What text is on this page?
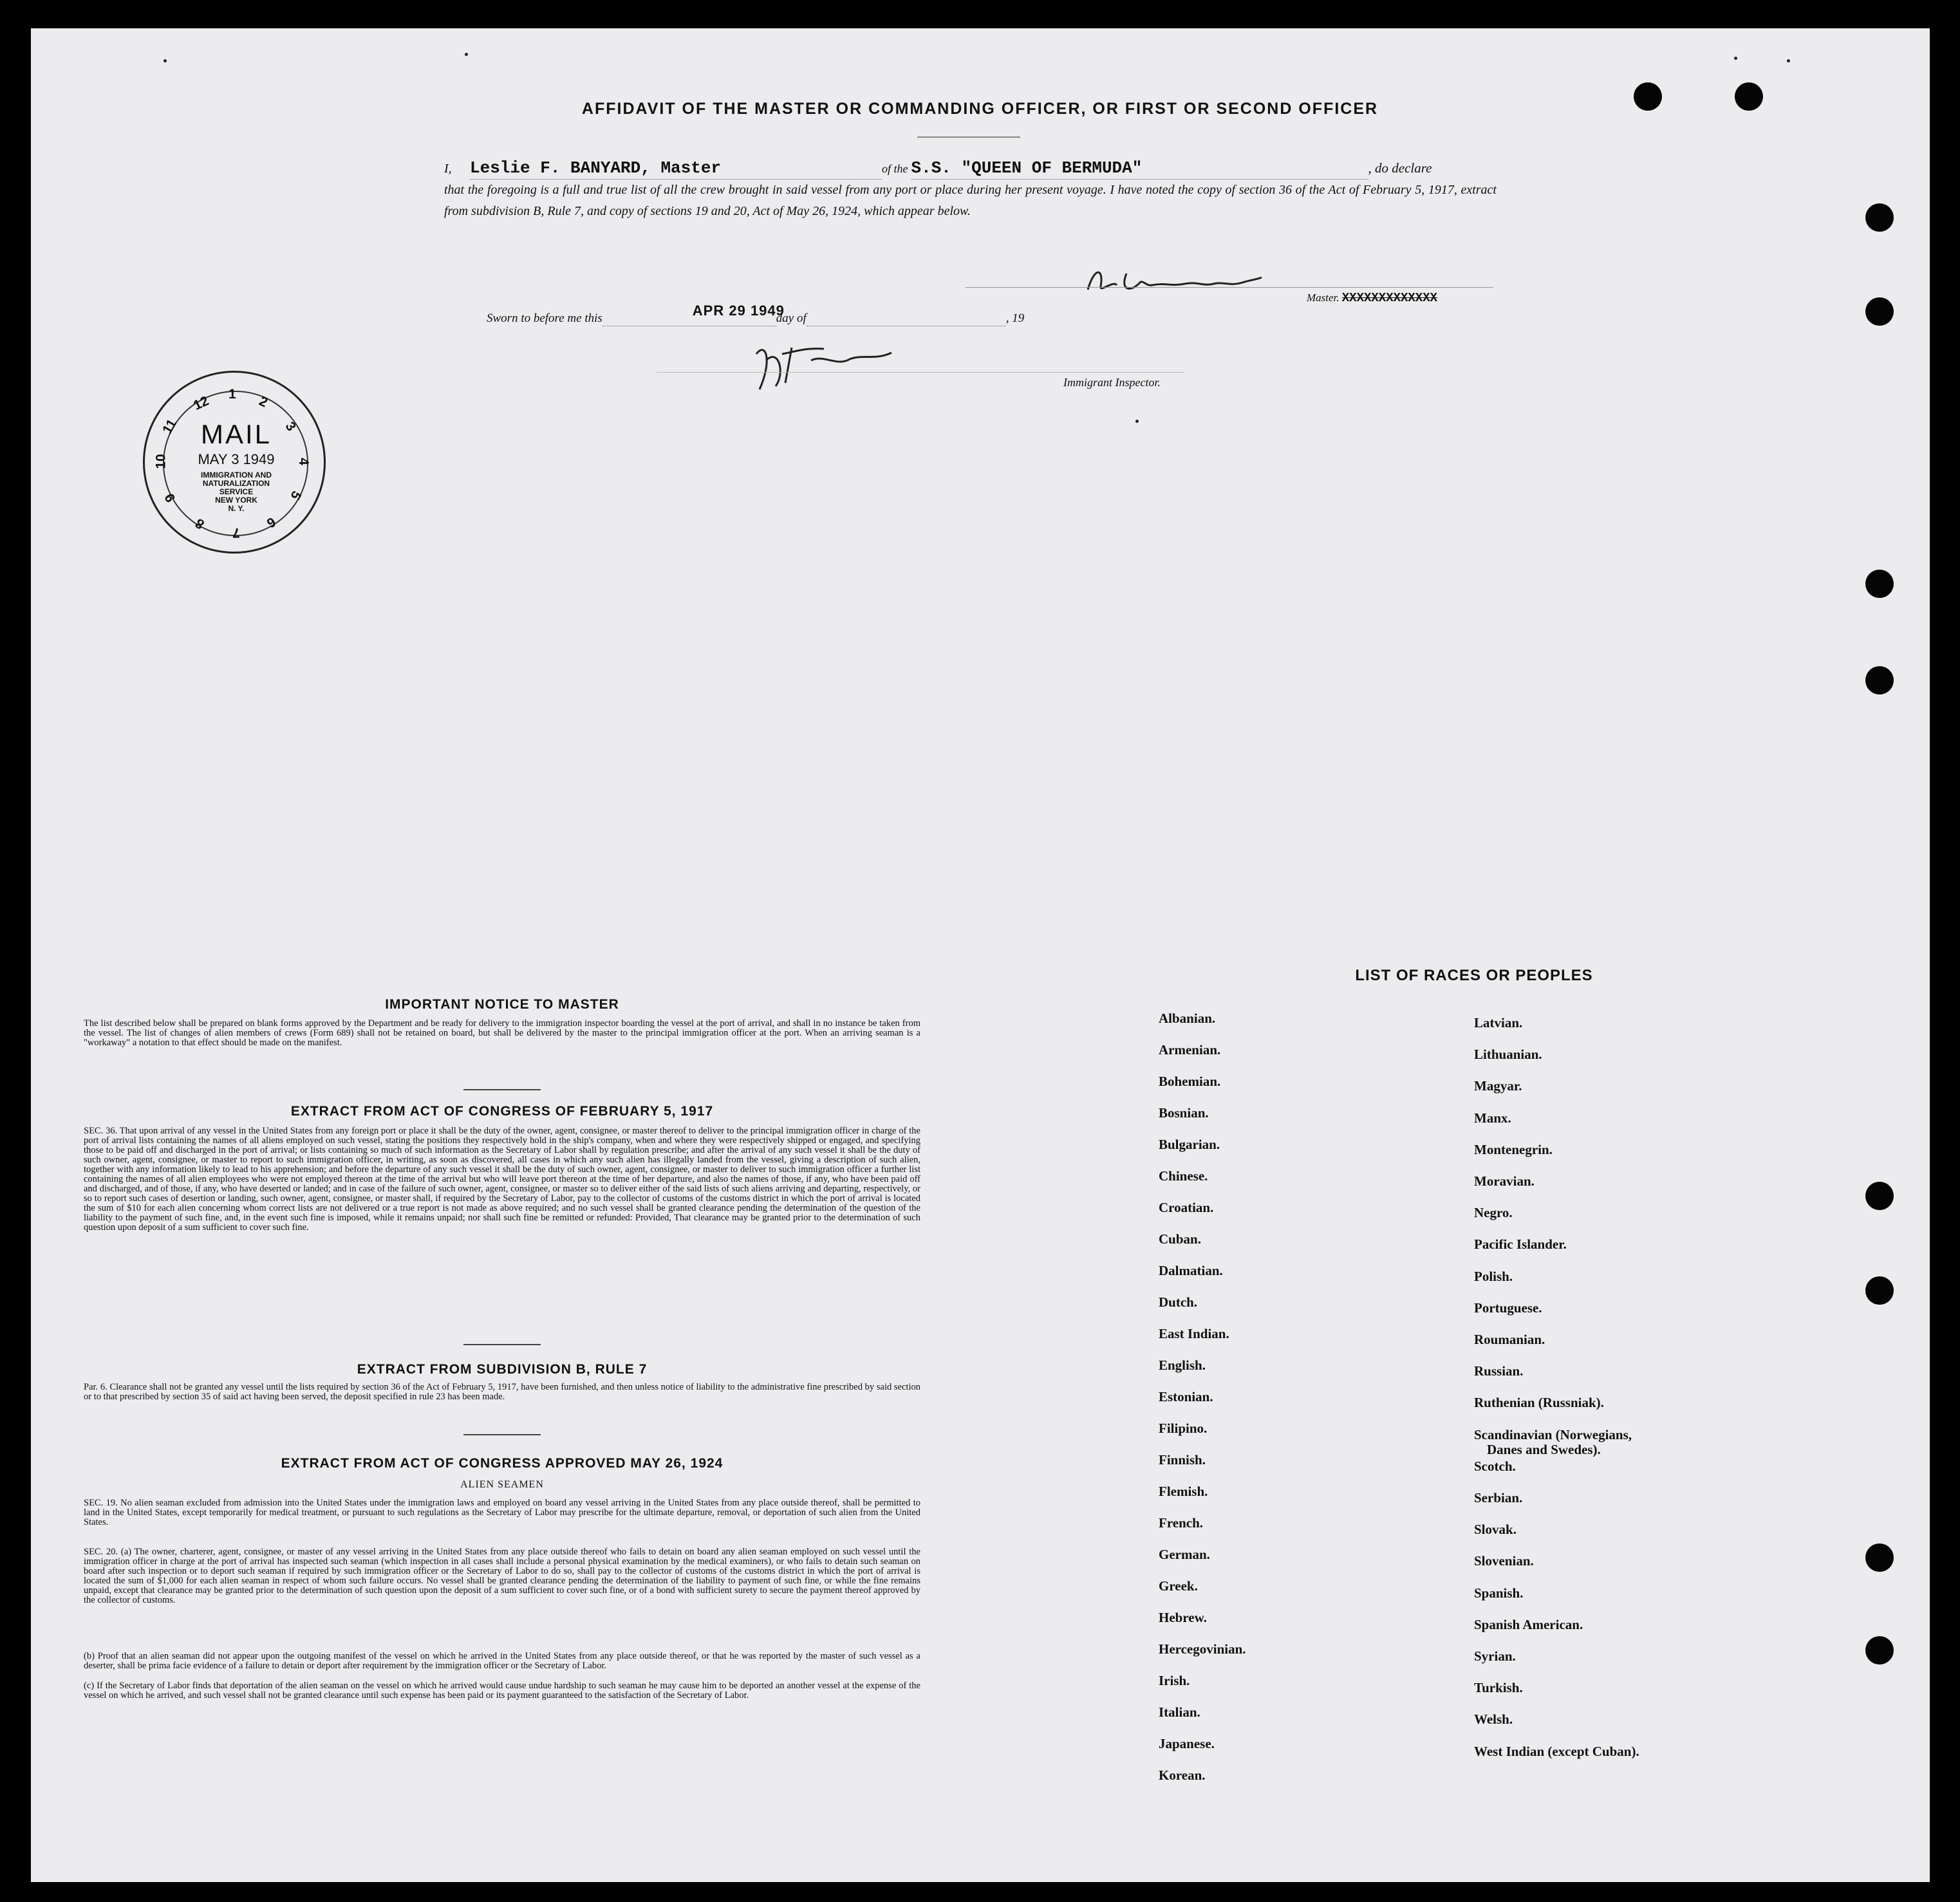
AFFIDAVIT OF THE MASTER OR COMMANDING OFFICER, OR FIRST OR SECOND OFFICER
I, Leslie F. BANYARD, Master	of the S.S. "QUEEN OF BERMUDA"	, do declare
that the foregoing is a full and true list of all the crew brought in said vessel from any port or place during her present voyage. I have noted the copy of section 36 of the Act of February 5, 1917, extract from subdivision B, Rule 7, and copy of sections 19 and 20, Act of May 26, 1924, which appear below.
Master. XXXXXXXXXXXXX
Sworn to before me this	APR 29 1949
day of	, 19
Immigrant Inspector.
12 1 2
3
4
5
6
7
8
9
10
11 MAIL
MAY 3 1949
IMMIGRATION AND
NATURALIZATION
SERVICE
NEW YORK
N. Y.
IMPORTANT NOTICE TO MASTER
The list described below shall be prepared on blank forms approved by the Department and be ready for delivery to the immigration inspector boarding the vessel at the port of arrival, and shall in no instance be taken from the vessel. The list of changes of alien members of crews (Form 689) shall not be retained on board, but shall be delivered by the master to the principal immigration officer at the port. When an arriving seaman is a "workaway" a notation to that effect should be made on the manifest.
EXTRACT FROM ACT OF CONGRESS OF FEBRUARY 5, 1917
SEC. 36. That upon arrival of any vessel in the United States from any foreign port or place it shall be the duty of the owner, agent, consignee, or master thereof to deliver to the principal immigration officer in charge of the port of arrival lists containing the names of all aliens employed on such vessel, stating the positions they respectively hold in the ship's company, when and where they were respectively shipped or engaged, and specifying those to be paid off and discharged in the port of arrival; or lists containing so much of such information as the Secretary of Labor shall by regulation prescribe; and after the arrival of any such vessel it shall be the duty of such owner, agent, consignee, or master to report to such immigration officer, in writing, as soon as discovered, all cases in which any such alien has illegally landed from the vessel, giving a description of such alien, together with any information likely to lead to his apprehension; and before the departure of any such vessel it shall be the duty of such owner, agent, consignee, or master to deliver to such immigration officer a further list containing the names of all alien employees who were not employed thereon at the time of the arrival but who will leave port thereon at the time of her departure, and also the names of those, if any, who have been paid off and discharged, and of those, if any, who have deserted or landed; and in case of the failure of such owner, agent, consignee, or master so to deliver either of the said lists of such aliens arriving and departing, respectively, or so to report such cases of desertion or landing, such owner, agent, consignee, or master shall, if required by the Secretary of Labor, pay to the collector of customs of the customs district in which the port of arrival is located the sum of $10 for each alien concerning whom correct lists are not delivered or a true report is not made as above required; and no such vessel shall be granted clearance pending the determination of the question of the liability to the payment of such fine, and, in the event such fine is imposed, while it remains unpaid; nor shall such fine be remitted or refunded: Provided, That clearance may be granted prior to the determination of such question upon deposit of a sum sufficient to cover such fine.
EXTRACT FROM SUBDIVISION B, RULE 7
Par. 6. Clearance shall not be granted any vessel until the lists required by section 36 of the Act of February 5, 1917, have been furnished, and then unless notice of liability to the administrative fine prescribed by said section or to that prescribed by section 35 of said act having been served, the deposit specified in rule 23 has been made.
EXTRACT FROM ACT OF CONGRESS APPROVED MAY 26, 1924
ALIEN SEAMEN
SEC. 19. No alien seaman excluded from admission into the United States under the immigration laws and employed on board any vessel arriving in the United States from any place outside thereof, shall be permitted to land in the United States, except temporarily for medical treatment, or pursuant to such regulations as the Secretary of Labor may prescribe for the ultimate departure, removal, or deportation of such alien from the United States.
SEC. 20. (a) The owner, charterer, agent, consignee, or master of any vessel arriving in the United States from any place outside thereof who fails to detain on board any alien seaman employed on such vessel until the immigration officer in charge at the port of arrival has inspected such seaman (which inspection in all cases shall include a personal physical examination by the medical examiners), or who fails to detain such seaman on board after such inspection or to deport such seaman if required by such immigration officer or the Secretary of Labor to do so, shall pay to the collector of customs of the customs district in which the port of arrival is located the sum of $1,000 for each alien seaman in respect of whom such failure occurs. No vessel shall be granted clearance pending the determination of the liability to payment of such fine, or while the fine remains unpaid, except that clearance may be granted prior to the determination of such question upon the deposit of a sum sufficient to cover such fine, or of a bond with sufficient surety to secure the payment thereof approved by the collector of customs.
(b) Proof that an alien seaman did not appear upon the outgoing manifest of the vessel on which he arrived in the United States from any place outside thereof, or that he was reported by the master of such vessel as a deserter, shall be prima facie evidence of a failure to detain or deport after requirement by the immigration officer or the Secretary of Labor.
(c) If the Secretary of Labor finds that deportation of the alien seaman on the vessel on which he arrived would cause undue hardship to such seaman he may cause him to be deported an another vessel at the expense of the vessel on which he arrived, and such vessel shall not be granted clearance until such expense has been paid or its payment guaranteed to the satisfaction of the Secretary of Labor.
LIST OF RACES OR PEOPLES
Albanian.
Armenian.
Bohemian.
Bosnian.
Bulgarian.
Chinese.
Croatian.
Cuban.
Dalmatian.
Dutch.
East Indian.
English.
Estonian.
Filipino.
Finnish.
Flemish.
French.
German.
Greek.
Hebrew.
Hercegovinian.
Irish.
Italian.
Japanese.
Korean.
Latvian.
Lithuanian.
Magyar.
Manx.
Montenegrin.
Moravian.
Negro.
Pacific Islander.
Polish.
Portuguese.
Roumanian.
Russian.
Ruthenian (Russniak).
Scandinavian (Norwegians,
Danes and Swedes).
Scotch.
Serbian.
Slovak.
Slovenian.
Spanish.
Spanish American.
Syrian.
Turkish.
Welsh.
West Indian (except Cuban).
